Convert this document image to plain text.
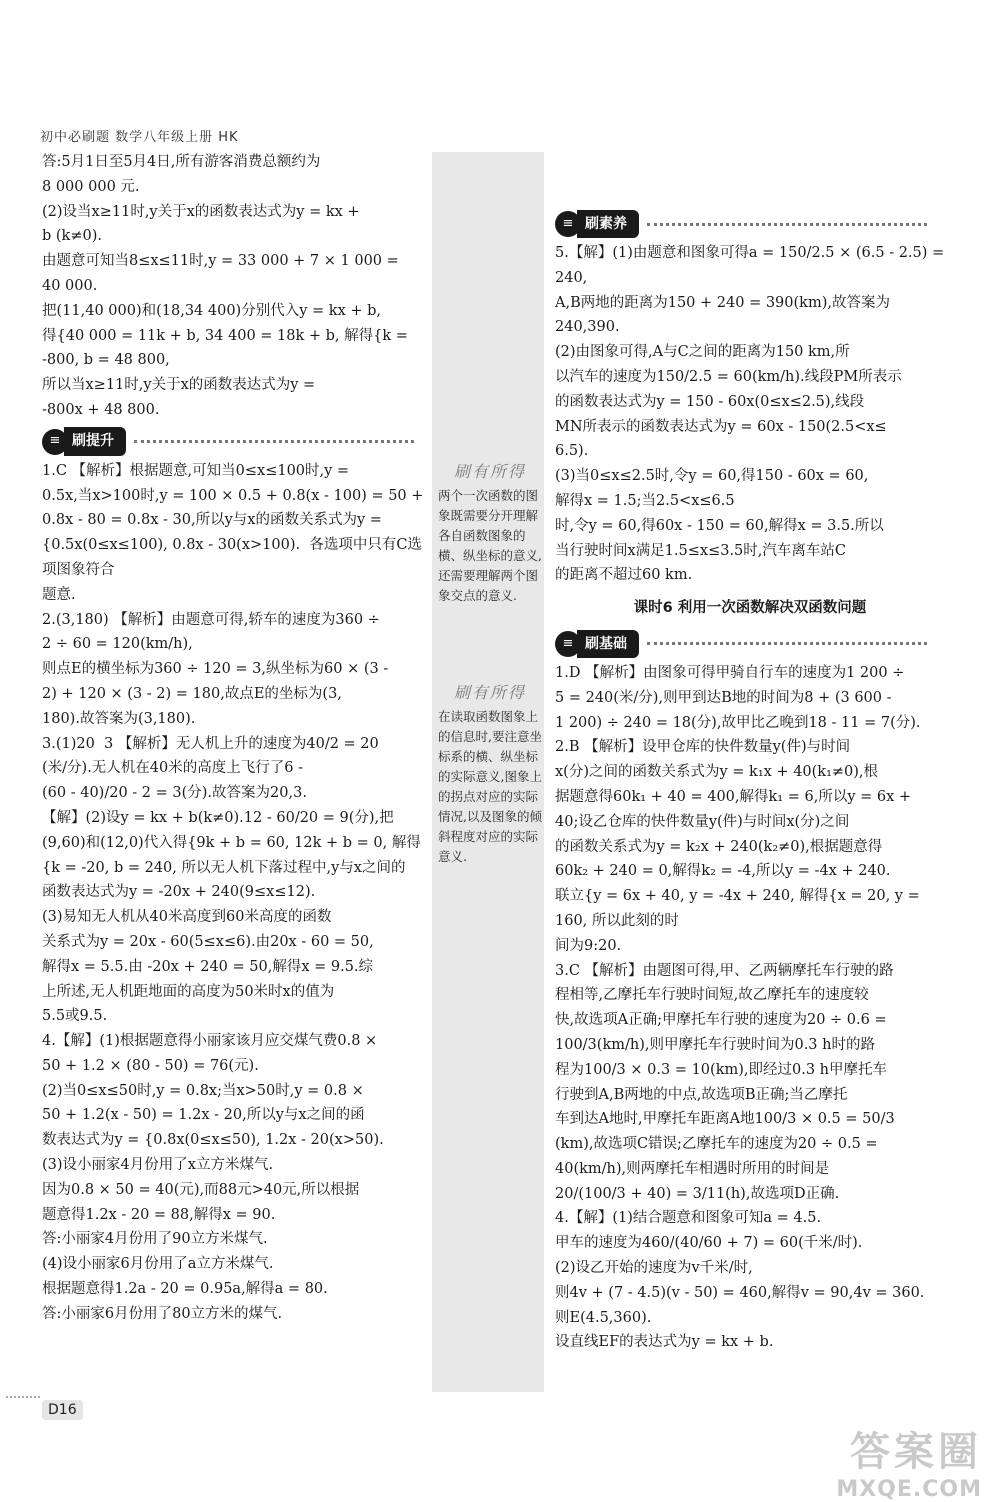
初中必刷题 数学八年级上册 HK

答:5月1日至5月4日,所有游客消费总额约为

8 000 000 元.

(2)设当x≥11时,y关于x的函数表达式为y = kx +

b (k≠0).

由题意可知当8≤x≤11时,y = 33 000 + 7 × 1 000 =

40 000.

把(11,40 000)和(18,34 400)分别代入y = kx + b,

得{40 000 = 11k + b, 34 400 = 18k + b, 解得{k = -800, b = 48 800,

所以当x≥11时,y关于x的函数表达式为y =

-800x + 48 800.

≡ 刷提升

1.C 【解析】根据题意,可知当0≤x≤100时,y =

0.5x,当x>100时,y = 100 × 0.5 + 0.8(x - 100) = 50 +

0.8x - 80 = 0.8x - 30,所以y与x的函数关系式为y =

{0.5x(0≤x≤100), 0.8x - 30(x>100).  各选项中只有C选项图象符合

题意.

2.(3,180) 【解析】由题意可得,轿车的速度为360 ÷

2 ÷ 60 = 120(km/h),

则点E的横坐标为360 ÷ 120 = 3,纵坐标为60 × (3 -

2) + 120 × (3 - 2) = 180,故点E的坐标为(3,

180).故答案为(3,180).

3.(1)20  3 【解析】无人机上升的速度为40/2 = 20

(米/分).无人机在40米的高度上飞行了6 -

(60 - 40)/20 - 2 = 3(分).故答案为20,3.

【解】(2)设y = kx + b(k≠0).12 - 60/20 = 9(分),把

(9,60)和(12,0)代入得{9k + b = 60, 12k + b = 0, 解得

{k = -20, b = 240, 所以无人机下落过程中,y与x之间的

函数表达式为y = -20x + 240(9≤x≤12).

(3)易知无人机从40米高度到60米高度的函数

关系式为y = 20x - 60(5≤x≤6).由20x - 60 = 50,

解得x = 5.5.由 -20x + 240 = 50,解得x = 9.5.综

上所述,无人机距地面的高度为50米时x的值为

5.5或9.5.

4.【解】(1)根据题意得小丽家该月应交煤气费0.8 ×

50 + 1.2 × (80 - 50) = 76(元).

(2)当0≤x≤50时,y = 0.8x;当x>50时,y = 0.8 ×

50 + 1.2(x - 50) = 1.2x - 20,所以y与x之间的函

数表达式为y = {0.8x(0≤x≤50), 1.2x - 20(x>50).

(3)设小丽家4月份用了x立方米煤气.

因为0.8 × 50 = 40(元),而88元>40元,所以根据

题意得1.2x - 20 = 88,解得x = 90.

答:小丽家4月份用了90立方米煤气.

(4)设小丽家6月份用了a立方米煤气.

根据题意得1.2a - 20 = 0.95a,解得a = 80.

答:小丽家6月份用了80立方米的煤气.

刷有所得

两个一次函数的图象既需要分开理解各自函数图象的横、纵坐标的意义,还需要理解两个图象交点的意义.

刷有所得

在读取函数图象上的信息时,要注意坐标系的横、纵坐标的实际意义,图象上的拐点对应的实际情况,以及图象的倾斜程度对应的实际意义.

≡ 刷素养

5.【解】(1)由题意和图象可得a = 150/2.5 × (6.5 - 2.5) = 240,

A,B两地的距离为150 + 240 = 390(km),故答案为

240,390.

(2)由图象可得,A与C之间的距离为150 km,所

以汽车的速度为150/2.5 = 60(km/h).线段PM所表示

的函数表达式为y = 150 - 60x(0≤x≤2.5),线段

MN所表示的函数表达式为y = 60x - 150(2.5<x≤

6.5).

(3)当0≤x≤2.5时,令y = 60,得150 - 60x = 60,

解得x = 1.5;当2.5<x≤6.5

时,令y = 60,得60x - 150 = 60,解得x = 3.5.所以

当行驶时间x满足1.5≤x≤3.5时,汽车离车站C

的距离不超过60 km.

课时6 利用一次函数解决双函数问题
≡ 刷基础

1.D 【解析】由图象可得甲骑自行车的速度为1 200 ÷

5 = 240(米/分),则甲到达B地的时间为8 + (3 600 -

1 200) ÷ 240 = 18(分),故甲比乙晚到18 - 11 = 7(分).

2.B 【解析】设甲仓库的快件数量y(件)与时间

x(分)之间的函数关系式为y = k₁x + 40(k₁≠0),根

据题意得60k₁ + 40 = 400,解得k₁ = 6,所以y = 6x +

40;设乙仓库的快件数量y(件)与时间x(分)之间

的函数关系式为y = k₂x + 240(k₂≠0),根据题意得

60k₂ + 240 = 0,解得k₂ = -4,所以y = -4x + 240.

联立{y = 6x + 40, y = -4x + 240, 解得{x = 20, y = 160, 所以此刻的时

间为9:20.

3.C 【解析】由题图可得,甲、乙两辆摩托车行驶的路

程相等,乙摩托车行驶时间短,故乙摩托车的速度较

快,故选项A正确;甲摩托车行驶的速度为20 ÷ 0.6 =

100/3(km/h),则甲摩托车行驶时间为0.3 h时的路

程为100/3 × 0.3 = 10(km),即经过0.3 h甲摩托车

行驶到A,B两地的中点,故选项B正确;当乙摩托

车到达A地时,甲摩托车距离A地100/3 × 0.5 = 50/3

(km),故选项C错误;乙摩托车的速度为20 ÷ 0.5 =

40(km/h),则两摩托车相遇时所用的时间是

20/(100/3 + 40) = 3/11(h),故选项D正确.

4.【解】(1)结合题意和图象可知a = 4.5.

甲车的速度为460/(40/60 + 7) = 60(千米/时).

(2)设乙开始的速度为v千米/时,

则4v + (7 - 4.5)(v - 50) = 460,解得v = 90,4v = 360.

则E(4.5,360).

设直线EF的表达式为y = kx + b.

D16
答案圈
MXQE.COM
